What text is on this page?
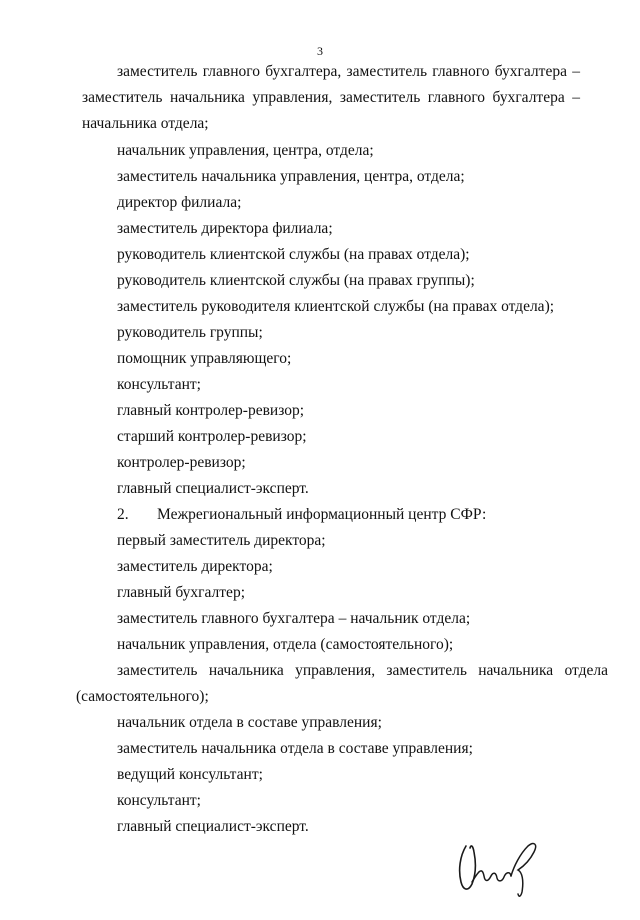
3
заместитель главного бухгалтера, заместитель главного бухгалтера –
заместитель начальника управления, заместитель главного бухгалтера –
начальника отдела;
начальник управления, центра, отдела;
заместитель начальника управления, центра, отдела;
директор филиала;
заместитель директора филиала;
руководитель клиентской службы (на правах отдела);
руководитель клиентской службы (на правах группы);
заместитель руководителя клиентской службы (на правах отдела);
руководитель группы;
помощник управляющего;
консультант;
главный контролер-ревизор;
старший контролер-ревизор;
контролер-ревизор;
главный специалист-эксперт.
2. Межрегиональный информационный центр СФР:
первый заместитель директора;
заместитель директора;
главный бухгалтер;
заместитель главного бухгалтера – начальник отдела;
начальник управления, отдела (самостоятельного);
заместитель начальника управления, заместитель начальника отдела
(самостоятельного);
начальник отдела в составе управления;
заместитель начальника отдела в составе управления;
ведущий консультант;
консультант;
главный специалист-эксперт.
